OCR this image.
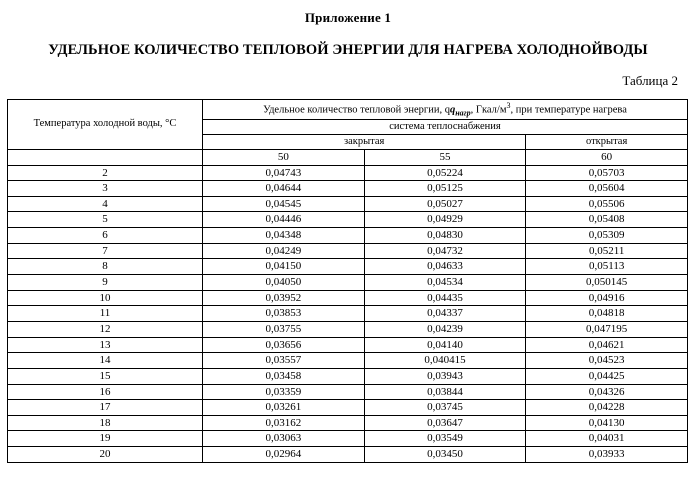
Приложение 1
УДЕЛЬНОЕ КОЛИЧЕСТВО ТЕПЛОВОЙ ЭНЕРГИИ ДЛЯ НАГРЕВА ХОЛОДНОЙВОДЫ
Таблица 2
Температура холодной воды, °C	Удельное количество тепловой энергии, $qq_{нагр}$, Гкал/$м^3$, при температуре нагрева		
	система теплоснабжения		
	закрытая		открытая
	50	55	60
2	0,04743	0,05224	0,05703
3	0,04644	0,05125	0,05604
4	0,04545	0,05027	0,05506
5	0,04446	0,04929	0,05408
6	0,04348	0,04830	0,05309
7	0,04249	0,04732	0,05211
8	0,04150	0,04633	0,05113
9	0,04050	0,04534	0,050145
10	0,03952	0,04435	0,04916
11	0,03853	0,04337	0,04818
12	0,03755	0,04239	0,047195
13	0,03656	0,04140	0,04621
14	0,03557	0,040415	0,04523
15	0,03458	0,03943	0,04425
16	0,03359	0,03844	0,04326
17	0,03261	0,03745	0,04228
18	0,03162	0,03647	0,04130
19	0,03063	0,03549	0,04031
20	0,02964	0,03450	0,03933
